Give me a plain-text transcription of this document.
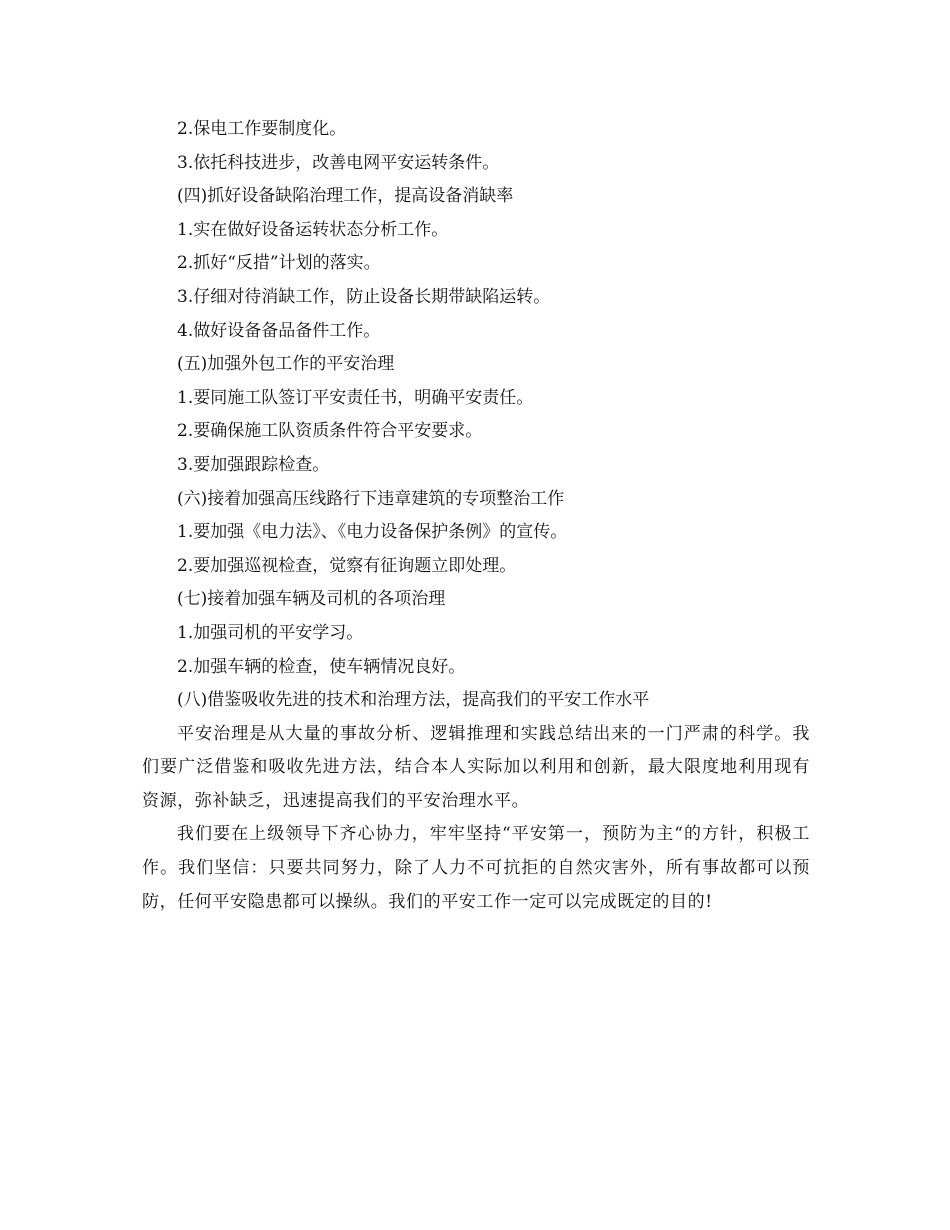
2.保电工作要制度化。
3.依托科技进步，改善电网平安运转条件。
(四)抓好设备缺陷治理工作，提高设备消缺率
1.实在做好设备运转状态分析工作。
2.抓好“反措”计划的落实。
3.仔细对待消缺工作，防止设备长期带缺陷运转。
4.做好设备备品备件工作。
(五)加强外包工作的平安治理
1.要同施工队签订平安责任书，明确平安责任。
2.要确保施工队资质条件符合平安要求。
3.要加强跟踪检查。
(六)接着加强高压线路行下违章建筑的专项整治工作
1.要加强《电力法》、《电力设备保护条例》的宣传。
2.要加强巡视检查，觉察有征询题立即处理。
(七)接着加强车辆及司机的各项治理
1.加强司机的平安学习。
2.加强车辆的检查，使车辆情况良好。
(八)借鉴吸收先进的技术和治理方法，提高我们的平安工作水平

平安治理是从大量的事故分析、逻辑推理和实践总结出来的一门严肃的科学。我们要广泛借鉴和吸收先进方法，结合本人实际加以利用和创新，最大限度地利用现有资源，弥补缺乏，迅速提高我们的平安治理水平。

我们要在上级领导下齐心协力，牢牢坚持“平安第一，预防为主“的方针，积极工作。我们坚信：只要共同努力，除了人力不可抗拒的自然灾害外，所有事故都可以预防，任何平安隐患都可以操纵。我们的平安工作一定可以完成既定的目的!
